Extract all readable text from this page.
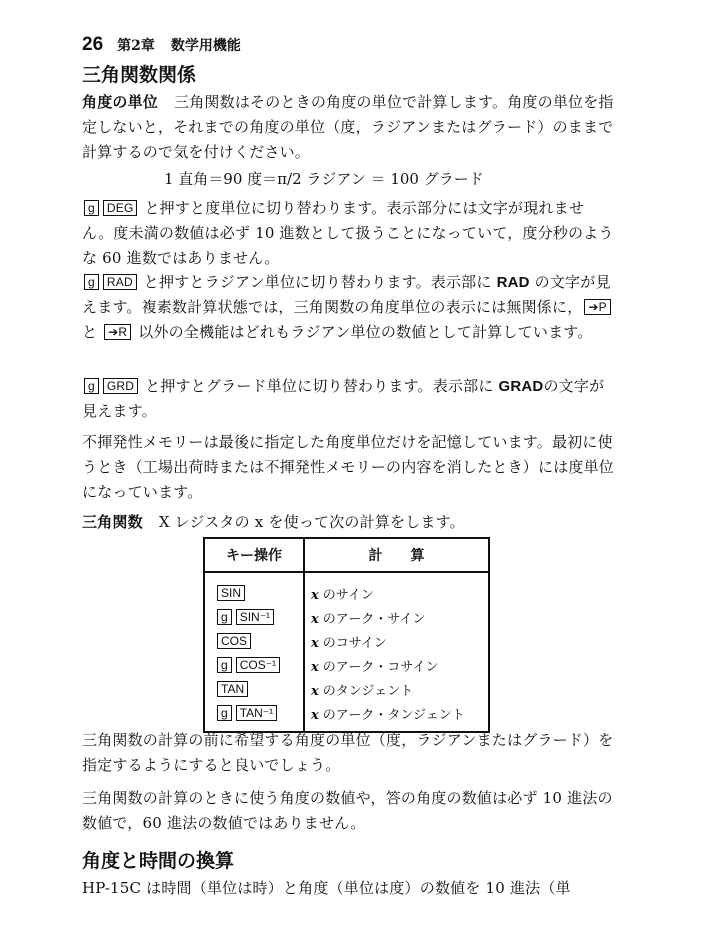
26 第2章 数学用機能
三角関数関係

角度の単位 三角関数はそのときの角度の単位で計算します。角度の単位を指定しないと，それまでの角度の単位（度，ラジアンまたはグラード）のままで計算するので気を付けください。

1 直角＝90 度＝π/2 ラジアン ＝ 100 グラード

g DEG と押すと度単位に切り替わります。表示部分には文字が現れません。度未満の数値は必ず 10 進数として扱うことになっていて，度分秒のような 60 進数ではありません。

g RAD と押すとラジアン単位に切り替わります。表示部に RAD の文字が見えます。複素数計算状態では，三角関数の角度単位の表示には無関係に， ➔P と ➔R 以外の全機能はどれもラジアン単位の数値として計算しています。

g GRD と押すとグラード単位に切り替わります。表示部に GRADの文字が見えます。

不揮発性メモリーは最後に指定した角度単位だけを記憶しています。最初に使うとき（工場出荷時または不揮発性メモリーの内容を消したとき）には度単位になっています。

三角関数 X レジスタの x を使って次の計算をします。

キー操作	計　　算
SIN	x のサイン
g SIN⁻¹	x のアーク・サイン
COS	x のコサイン
g COS⁻¹	x のアーク・コサイン
TAN	x のタンジェント
g TAN⁻¹	x のアーク・タンジェント

三角関数の計算の前に希望する角度の単位（度，ラジアンまたはグラード）を指定するようにすると良いでしょう。

三角関数の計算のときに使う角度の数値や，答の角度の数値は必ず 10 進法の数値で，60 進法の数値ではありません。

角度と時間の換算

HP-15C は時間（単位は時）と角度（単位は度）の数値を 10 進法（単
